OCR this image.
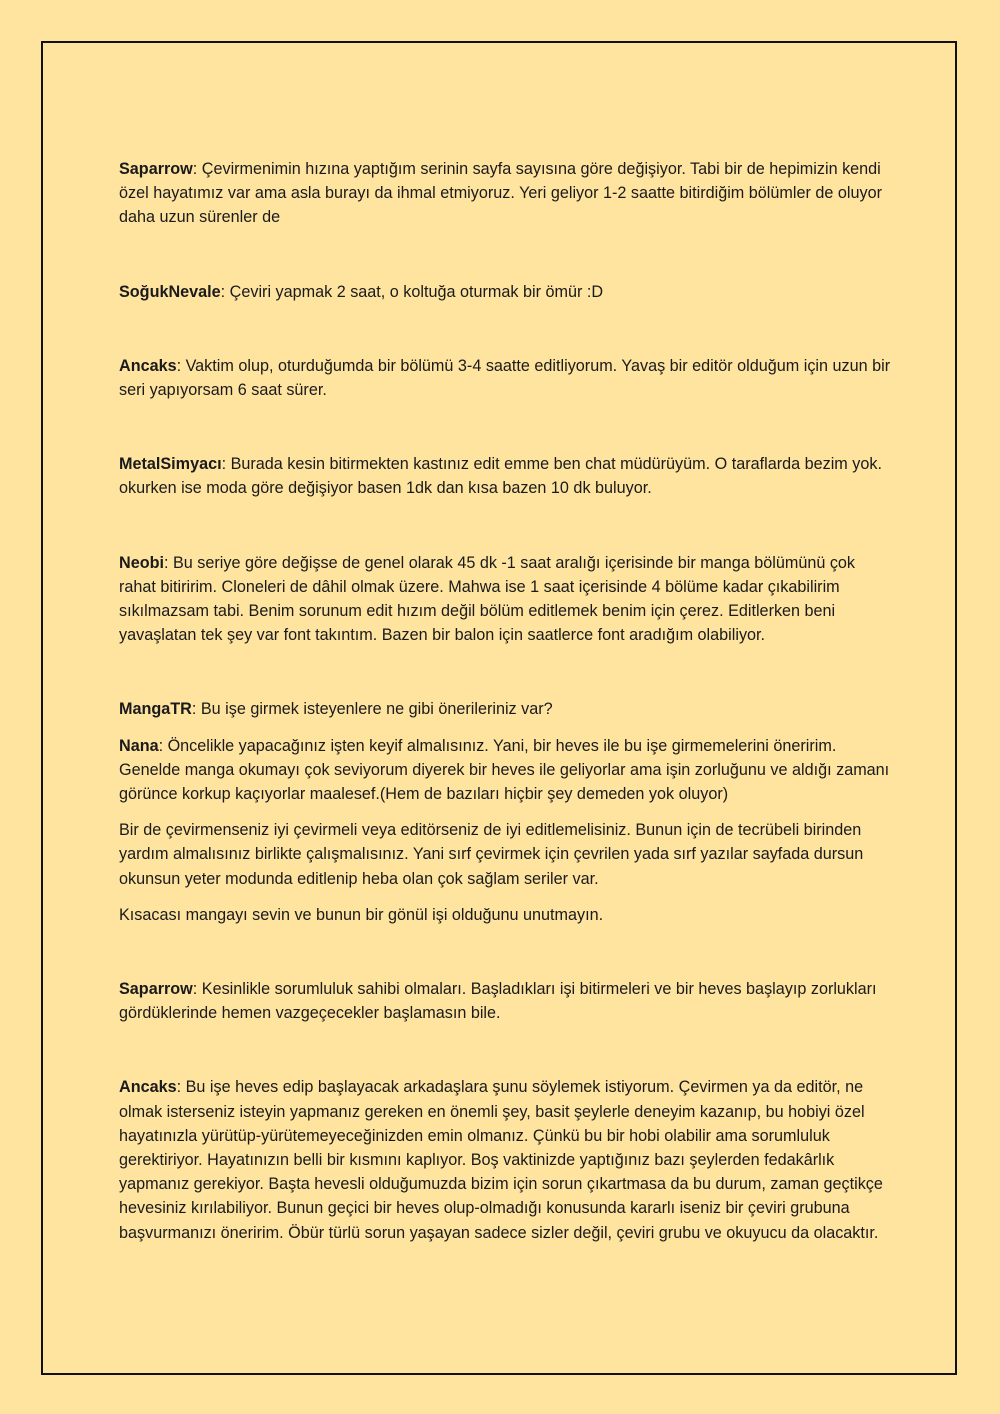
Saparrow: Çevirmenimin hızına yaptığım serinin sayfa sayısına göre değişiyor. Tabi bir de hepimizin kendi özel hayatımız var ama asla burayı da ihmal etmiyoruz. Yeri geliyor 1-2 saatte bitirdiğim bölümler de oluyor daha uzun sürenler de

SoğukNevale: Çeviri yapmak 2 saat, o koltuğa oturmak bir ömür :D

Ancaks: Vaktim olup, oturduğumda bir bölümü 3-4 saatte editliyorum. Yavaş bir editör olduğum için uzun bir seri yapıyorsam 6 saat sürer.

MetalSimyacı: Burada kesin bitirmekten kastınız edit emme ben chat müdürüyüm. O taraflarda bezim yok. okurken ise moda göre değişiyor basen 1dk dan kısa bazen 10 dk buluyor.

Neobi: Bu seriye göre değişse de genel olarak 45 dk -1 saat aralığı içerisinde bir manga bölümünü çok rahat bitiririm. Cloneleri de dâhil olmak üzere. Mahwa ise 1 saat içerisinde 4 bölüme kadar çıkabilirim sıkılmazsam tabi. Benim sorunum edit hızım değil bölüm editlemek benim için çerez. Editlerken beni yavaşlatan tek şey var font takıntım. Bazen bir balon için saatlerce font aradığım olabiliyor.

MangaTR: Bu işe girmek isteyenlere ne gibi önerileriniz var?

Nana: Öncelikle yapacağınız işten keyif almalısınız. Yani, bir heves ile bu işe girmemelerini öneririm. Genelde manga okumayı çok seviyorum diyerek bir heves ile geliyorlar ama işin zorluğunu ve aldığı zamanı görünce korkup kaçıyorlar maalesef.(Hem de bazıları hiçbir şey demeden yok oluyor)

Bir de çevirmenseniz iyi çevirmeli veya editörseniz de iyi editlemelisiniz. Bunun için de tecrübeli birinden yardım almalısınız birlikte çalışmalısınız. Yani sırf çevirmek için çevrilen yada sırf yazılar sayfada dursun okunsun yeter modunda editlenip heba olan çok sağlam seriler var.

Kısacası mangayı sevin ve bunun bir gönül işi olduğunu unutmayın.

Saparrow: Kesinlikle sorumluluk sahibi olmaları. Başladıkları işi bitirmeleri ve bir heves başlayıp zorlukları gördüklerinde hemen vazgeçecekler başlamasın bile.

Ancaks: Bu işe heves edip başlayacak arkadaşlara şunu söylemek istiyorum. Çevirmen ya da editör, ne olmak isterseniz isteyin yapmanız gereken en önemli şey, basit şeylerle deneyim kazanıp, bu hobiyi özel hayatınızla yürütüp-yürütemeyeceğinizden emin olmanız. Çünkü bu bir hobi olabilir ama sorumluluk gerektiriyor. Hayatınızın belli bir kısmını kaplıyor. Boş vaktinizde yaptığınız bazı şeylerden fedakârlık yapmanız gerekiyor. Başta hevesli olduğumuzda bizim için sorun çıkartmasa da bu durum, zaman geçtikçe hevesiniz kırılabiliyor. Bunun geçici bir heves olup-olmadığı konusunda kararlı iseniz bir çeviri grubuna başvurmanızı öneririm. Öbür türlü sorun yaşayan sadece sizler değil, çeviri grubu ve okuyucu da olacaktır.
